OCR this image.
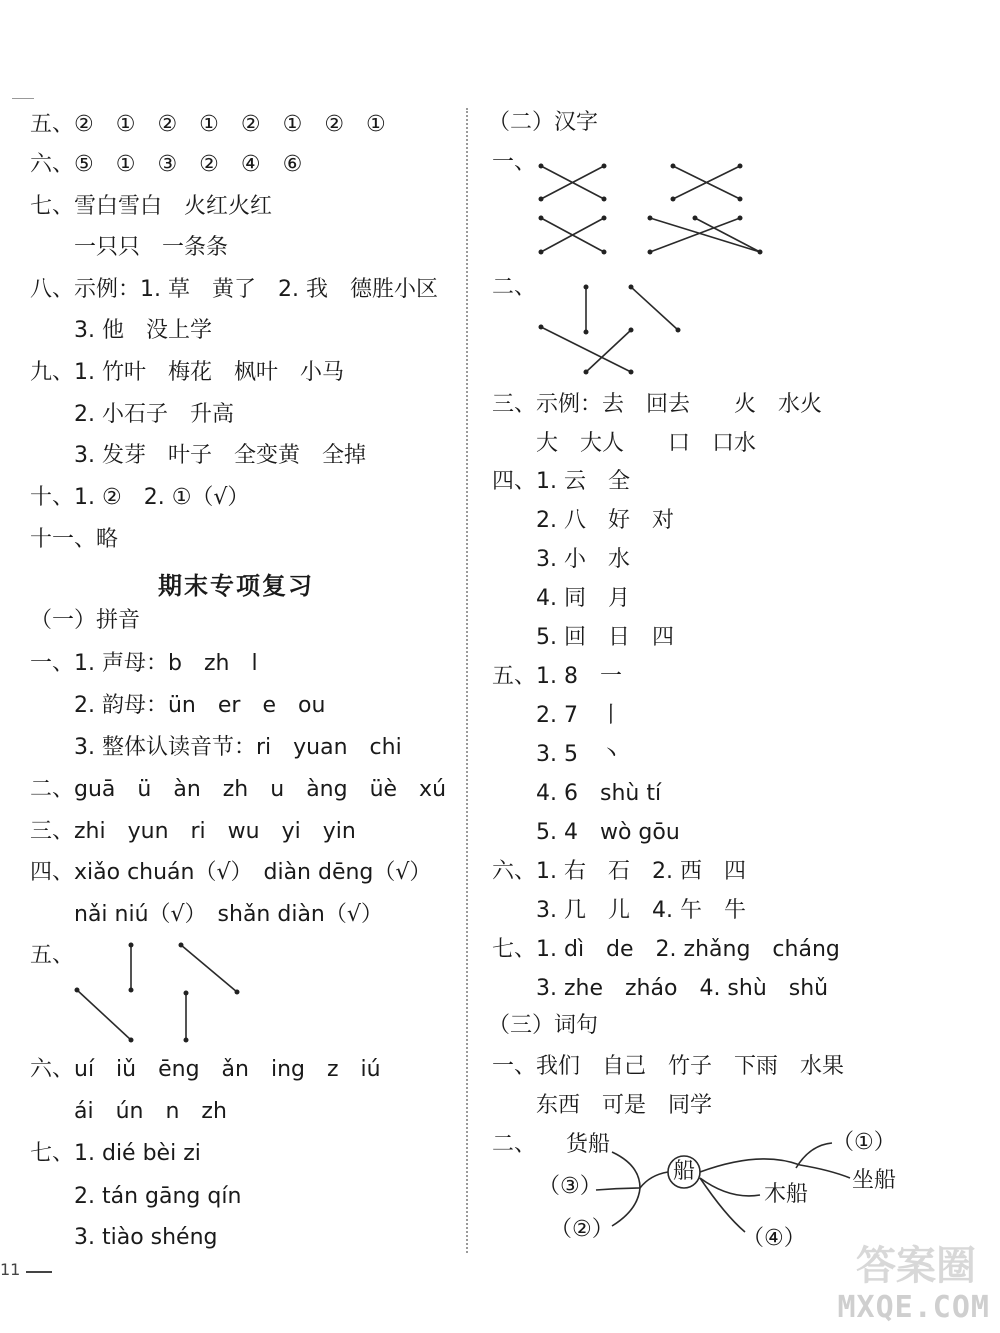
五、②　①　②　①　②　①　②　①
六、⑤　①　③　②　④　⑥
七、雪白雪白　火红火红
　　一只只　一条条
八、示例：1. 草　黄了　2. 我　德胜小区
　　3. 他　没上学
九、1. 竹叶　梅花　枫叶　小马
　　2. 小石子　升高
　　3. 发芽　叶子　全变黄　全掉
十、1. ②　2. ①（√）
十一、略
期末专项复习
（一）拼音
一、1. 声母：b　zh　l
　　2. 韵母：ün　er　e　ou
　　3. 整体认读音节：ri　yuan　chi
二、guā　ü　àn　zh　u　àng　üè　xú
三、zhi　yun　ri　wu　yi　yin
四、xiǎo chuán（√）　diàn dēng（√）
　　nǎi niú（√）　shǎn diàn（√）
五、
六、uí　iǔ　ēng　ǎn　ing　z　iú
　　ái　ún　n　zh
七、1. dié bèi zi
　　2. tán gāng qín
　　3. tiào shéng
（二）汉字
一、
二、
三、示例：去　回去　　火　水火
　　大　大人　　口　口水
四、1. 云　全
　　2. 八　好　对
　　3. 小　水
　　4. 同　月
　　5. 回　日　四
五、1. 8　一
　　2. 7　丨
　　3. 5　丶
　　4. 6　shù tí
　　5. 4　wò gōu
六、1. 右　石　2. 西　四
　　3. 几　儿　4. 午　牛
七、1. dì　de　2. zhǎng　cháng
　　3. zhe　zháo　4. shù　shǔ
（三）词句
一、我们　自己　竹子　下雨　水果
　　东西　可是　同学
二、 货船
（③）
（②）
（①）
坐船
木船
（④）
船
11	答案圈
MXQE.COM
